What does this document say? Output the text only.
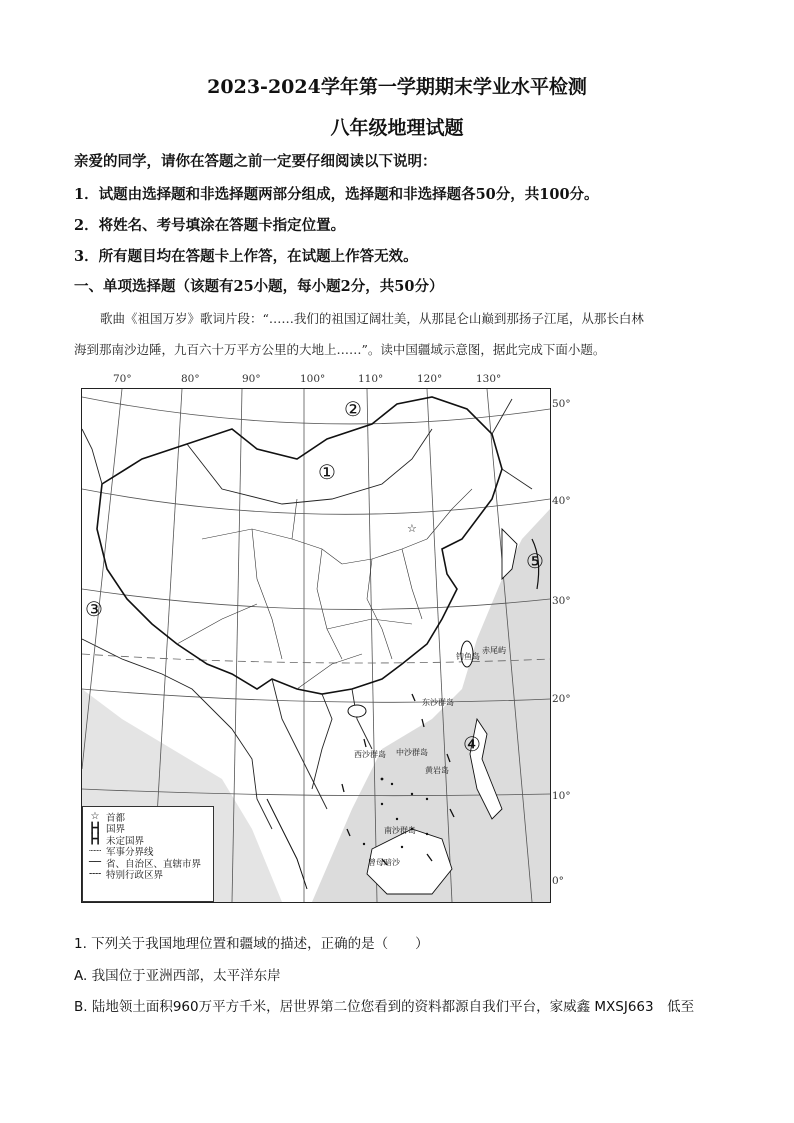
2023-2024学年第一学期期末学业水平检测
八年级地理试题
亲爱的同学，请你在答题之前一定要仔细阅读以下说明：
1．试题由选择题和非选择题两部分组成，选择题和非选择题各50分，共100分。
2．将姓名、考号填涂在答题卡指定位置。
3．所有题目均在答题卡上作答，在试题上作答无效。
一、单项选择题（该题有25小题，每小题2分，共50分）
歌曲《祖国万岁》歌词片段：“……我们的祖国辽阔壮美，从那昆仑山巅到那扬子江尾，从那长白林
海到那南沙边陲，九百六十万平方公里的大地上……”。读中国疆域示意图，据此完成下面小题。
70°	80°	90°	100°	110°	120°	130°
50°
40°
30°
20°
10°
0°
☆
②
①
③
④
⑤
赤尾屿
钓鱼岛
东沙群岛
西沙群岛 中沙群岛
黄岩岛
南沙群岛
曾母暗沙
☆ 首都
┣┫ 国界
┣┫ 未定国界
┈┈ 军事分界线
── 省、自治区、直辖市界
╌╌ 特别行政区界
1. 下列关于我国地理位置和疆域的描述，正确的是（　　）
A. 我国位于亚洲西部，太平洋东岸
B. 陆地领土面积960万平方千米，居世界第二位您看到的资料都源自我们平台，家威鑫 MXSJ663　低至
